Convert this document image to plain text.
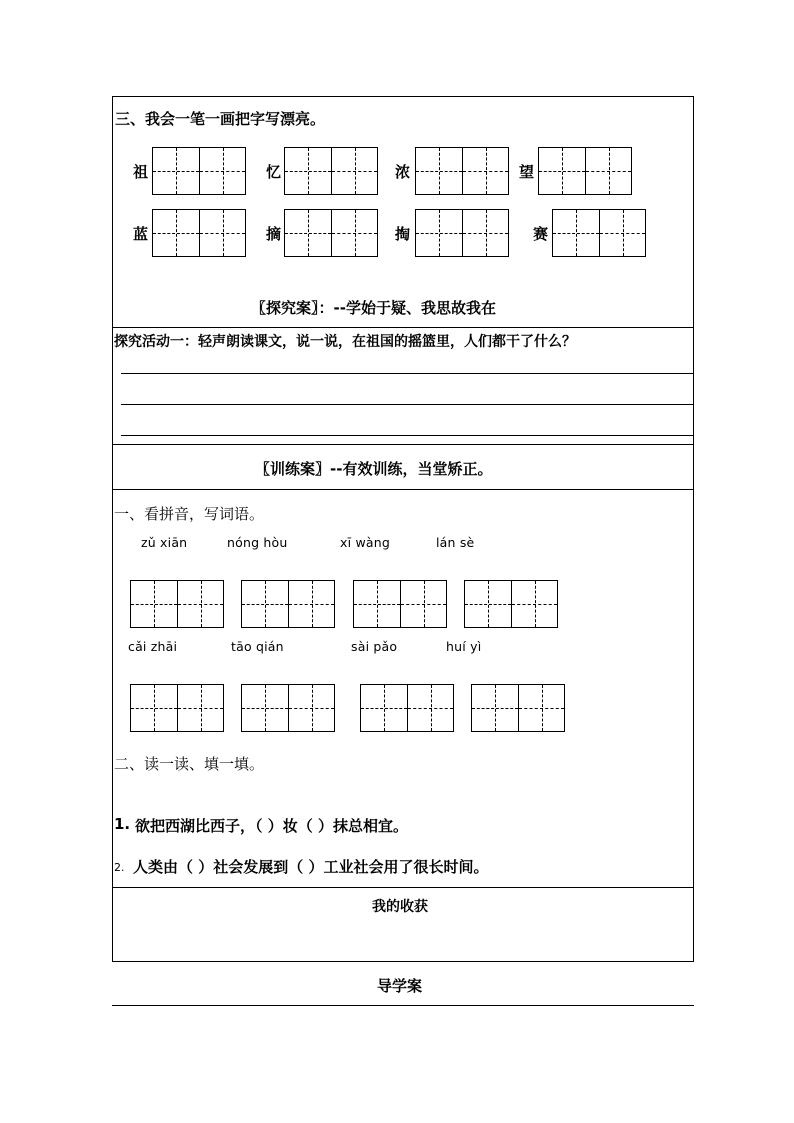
三、我会一笔一画把字写漂亮。
祖	忆	浓	望
蓝	摘	掏	赛
〖探究案〗：--学始于疑、我思故我在
探究活动一：轻声朗读课文，说一说，在祖国的摇篮里，人们都干了什么？
〖训练案〗--有效训练，当堂矫正。
一、看拼音，写词语。
zǔ xiān	nóng hòu	xī wàng	lán sè
cǎi zhāi	tāo qián	sài pǎo	huí yì
二、读一读、填一填。
1. 欲把西湖比西子，（ ）妆（ ）抹总相宜。
2. 人类由（ ）社会发展到（ ）工业社会用了很长时间。
我的收获
导学案
